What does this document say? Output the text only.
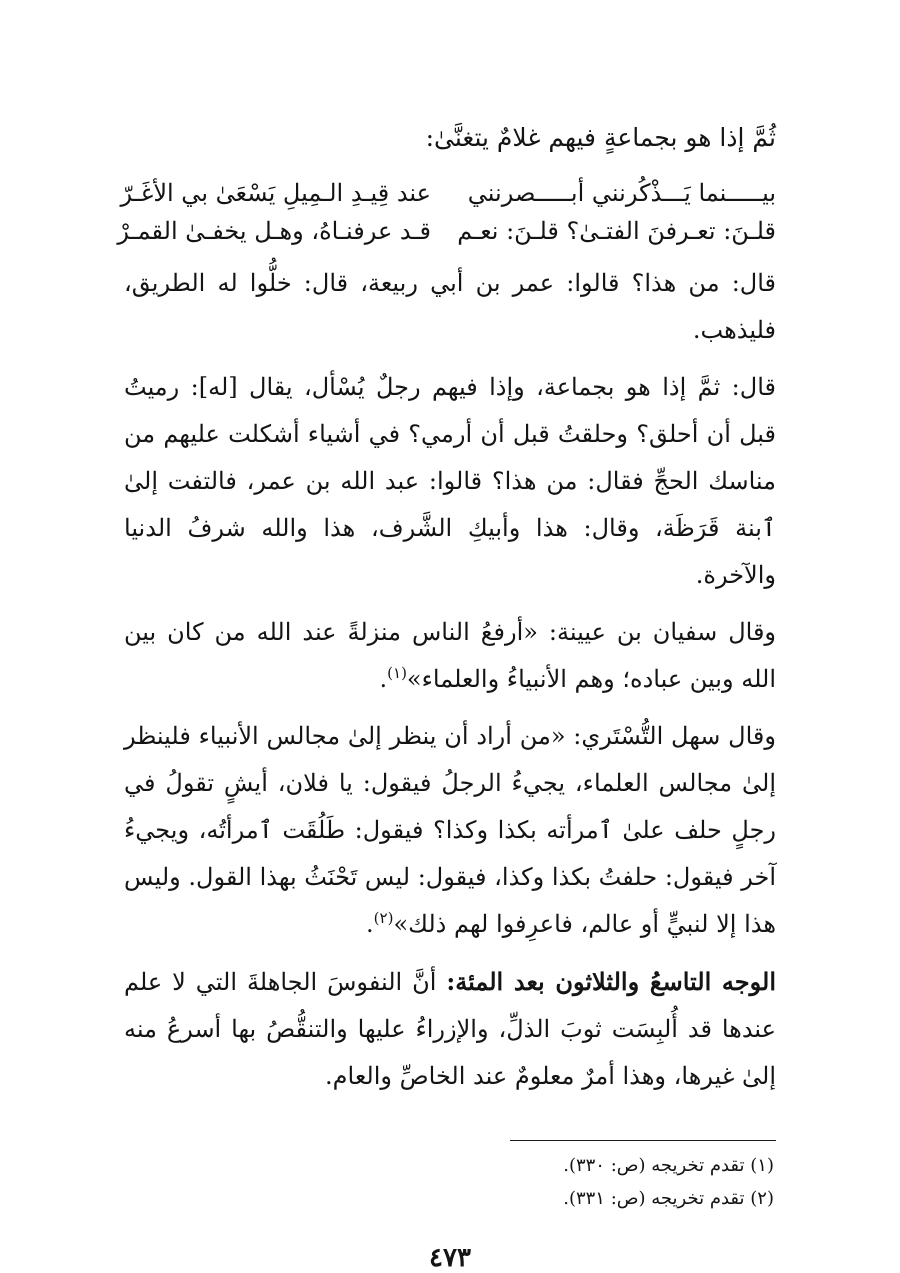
ثُمَّ إذا هو بجماعةٍ فيهم غلامٌ يتغنَّىٰ:

بيـــــنما يَـــذْكُرنني أبـــــصرنني
عند قِيـدِ الـمِيلِ يَسْعَىٰ بي الأغَـرّ
قلـنَ: تعـرفنَ الفتـىٰ؟ قلـنَ: نعـم
قـد عرفنـاهُ، وهـل يخفـىٰ القمـرْ

قال: من هذا؟ قالوا: عمر بن أبي ربيعة، قال: خلُّوا له الطريق، فليذهب.

قال: ثمَّ إذا هو بجماعة، وإذا فيهم رجلٌ يُسْأل، يقال [له]: رميتُ قبل أن أحلق؟ وحلقتُ قبل أن أرمي؟ في أشياء أشكلت عليهم من مناسك الحجِّ فقال: من هذا؟ قالوا: عبد الله بن عمر، فالتفت إلىٰ ٱبنة قَرَظَة، وقال: هذا وأبيكِ الشَّرف، هذا والله شرفُ الدنيا والآخرة.

وقال سفيان بن عيينة: «أرفعُ الناس منزلةً عند الله من كان بين الله وبين عباده؛ وهم الأنبياءُ والعلماء»$^{(١)}$.

وقال سهل التُّسْتَري: «من أراد أن ينظر إلىٰ مجالس الأنبياء فلينظر إلىٰ مجالس العلماء، يجيءُ الرجلُ فيقول: يا فلان، أيشٍ تقولُ في رجلٍ حلف علىٰ ٱمرأته بكذا وكذا؟ فيقول: طَلُقَت ٱمرأتُه، ويجيءُ آخر فيقول: حلفتُ بكذا وكذا، فيقول: ليس تَحْنَثُ بهذا القول. وليس هذا إلا لنبيٍّ أو عالم، فاعرِفوا لهم ذلك»$^{(٢)}$.

الوجه التاسعُ والثلاثون بعد المئة: أنَّ النفوسَ الجاهلةَ التي لا علم عندها قد أُلبِسَت ثوبَ الذلِّ، والإزراءُ عليها والتنقُّصُ بها أسرعُ منه إلىٰ غيرها، وهذا أمرٌ معلومٌ عند الخاصِّ والعام.

(١) تقدم تخريجه (ص: ٣٣٠).
(٢) تقدم تخريجه (ص: ٣٣١).
٤٧٣
